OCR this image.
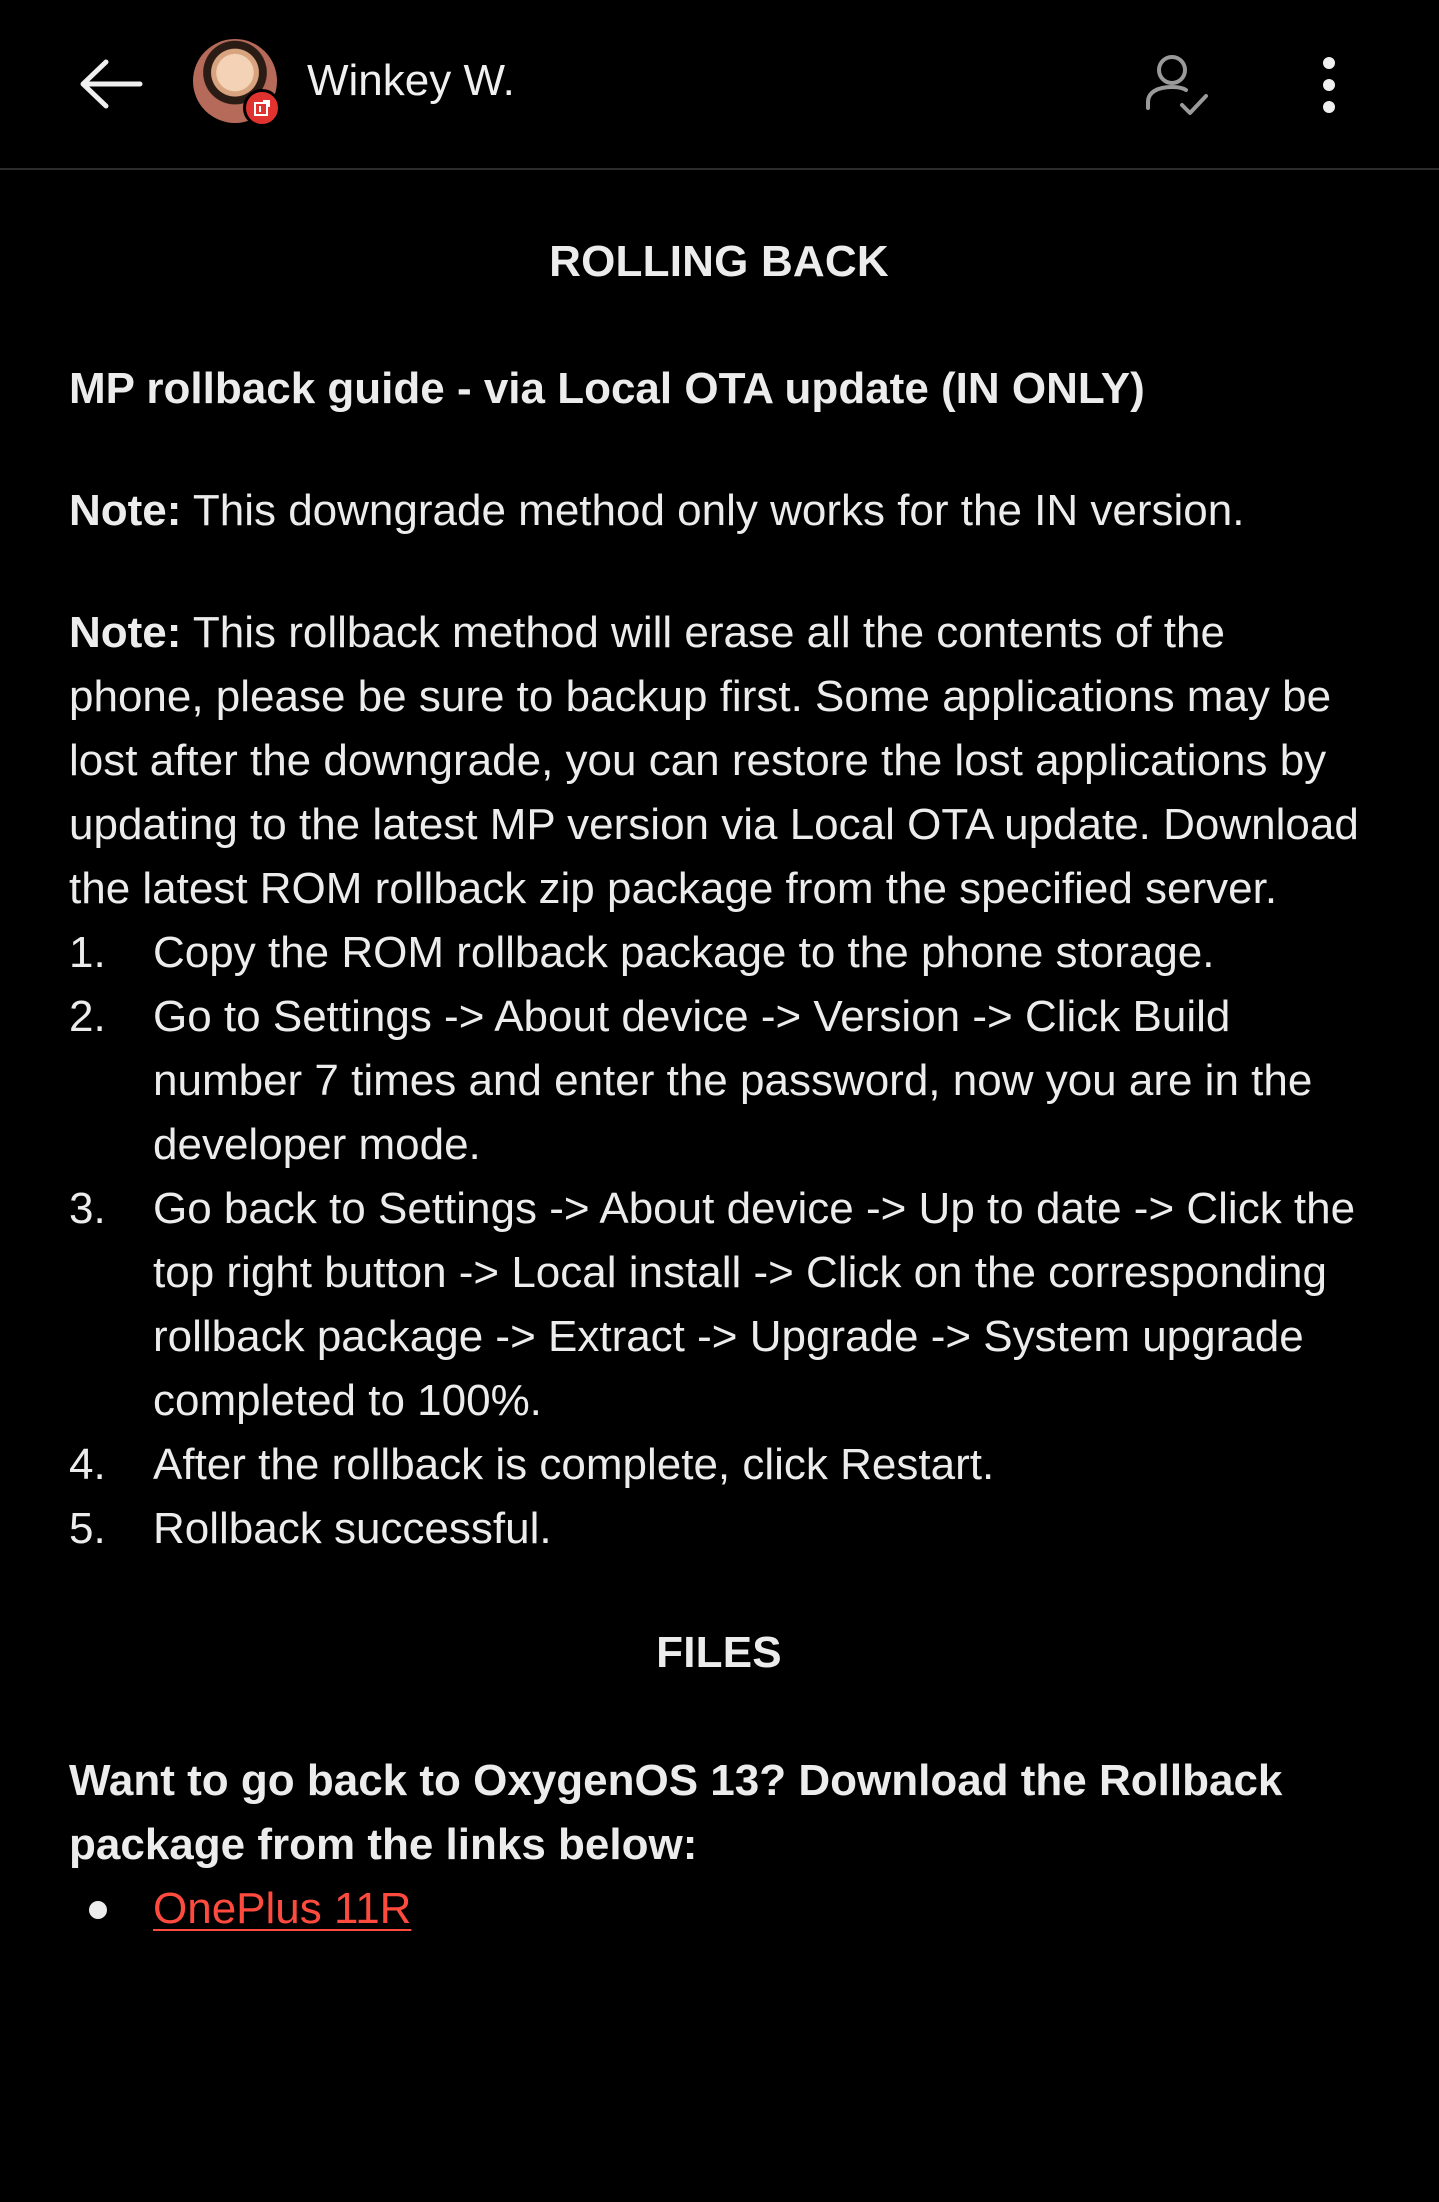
Winkey W.

ROLLING BACK

MP rollback guide - via Local OTA update (IN ONLY)

Note: This downgrade method only works for the IN version.

Note: This rollback method will erase all the contents of the phone, please be sure to backup first. Some applications may be lost after the downgrade, you can restore the lost applications by updating to the latest MP version via Local OTA update. Download the latest ROM rollback zip package from the specified server.

1. Copy the ROM rollback package to the phone storage.
2. Go to Settings -> About device -> Version -> Click Build number 7 times and enter the password, now you are in the developer mode.
3. Go back to Settings -> About device -> Up to date -> Click the top right button -> Local install -> Click on the corresponding rollback package -> Extract -> Upgrade -> System upgrade completed to 100%.
4. After the rollback is complete, click Restart.
5. Rollback successful.

FILES

Want to go back to OxygenOS 13? Download the Rollback package from the links below:

OnePlus 11R
